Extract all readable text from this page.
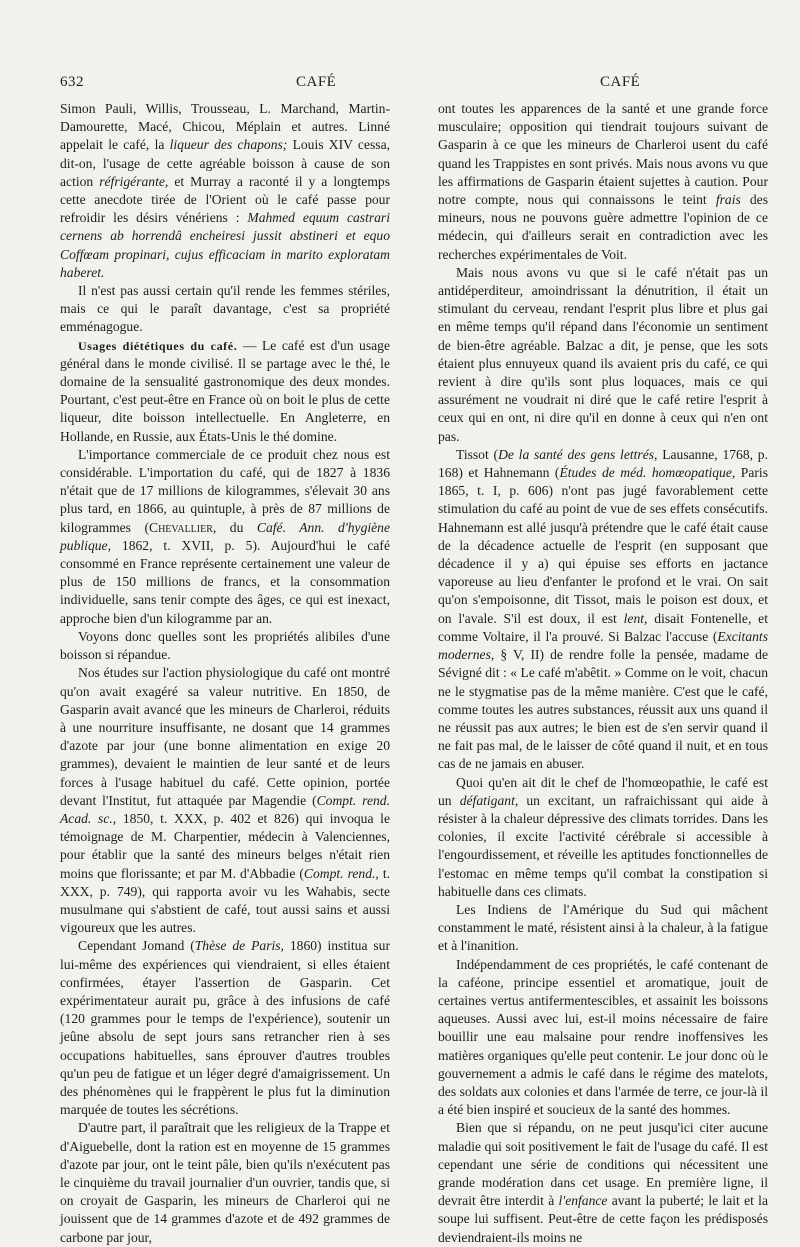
632	CAFÉ	CAFÉ

Simon Pauli, Willis, Trousseau, L. Marchand, Martin-Damourette, Macé, Chicou, Méplain et autres. Linné appelait le café, la liqueur des chapons; Louis XIV cessa, dit-on, l'usage de cette agréable boisson à cause de son action réfrigérante, et Murray a raconté il y a longtemps cette anecdote tirée de l'Orient où le café passe pour refroidir les désirs vénériens : Mahmed equum castrari cernens ab horrendâ encheiresi jussit abstineri et equo Coffœam propinari, cujus efficaciam in marito exploratam haberet.

Il n'est pas aussi certain qu'il rende les femmes stériles, mais ce qui le paraît davantage, c'est sa propriété emménagogue.

Usages diététiques du café. — Le café est d'un usage général dans le monde civilisé. Il se partage avec le thé, le domaine de la sensualité gastronomique des deux mondes. Pourtant, c'est peut-être en France où on boit le plus de cette liqueur, dite boisson intellectuelle. En Angleterre, en Hollande, en Russie, aux États-Unis le thé domine.

L'importance commerciale de ce produit chez nous est considérable. L'importation du café, qui de 1827 à 1836 n'était que de 17 millions de kilogrammes, s'élevait 30 ans plus tard, en 1866, au quintuple, à près de 87 millions de kilogrammes (Chevallier, du Café. Ann. d'hygiène publique, 1862, t. XVII, p. 5). Aujourd'hui le café consommé en France représente certainement une valeur de plus de 150 millions de francs, et la consommation individuelle, sans tenir compte des âges, ce qui est inexact, approche bien d'un kilogramme par an.

Voyons donc quelles sont les propriétés alibiles d'une boisson si répandue.

Nos études sur l'action physiologique du café ont montré qu'on avait exagéré sa valeur nutritive. En 1850, de Gasparin avait avancé que les mineurs de Charleroi, réduits à une nourriture insuffisante, ne dosant que 14 grammes d'azote par jour (une bonne alimentation en exige 20 grammes), devaient le maintien de leur santé et de leurs forces à l'usage habituel du café. Cette opinion, portée devant l'Institut, fut attaquée par Magendie (Compt. rend. Acad. sc., 1850, t. XXX, p. 402 et 826) qui invoqua le témoignage de M. Charpentier, médecin à Valenciennes, pour établir que la santé des mineurs belges n'était rien moins que florissante; et par M. d'Abbadie (Compt. rend., t. XXX, p. 749), qui rapporta avoir vu les Wahabis, secte musulmane qui s'abstient de café, tout aussi sains et aussi vigoureux que les autres.

Cependant Jomand (Thèse de Paris, 1860) institua sur lui-même des expériences qui viendraient, si elles étaient confirmées, étayer l'assertion de Gasparin. Cet expérimentateur aurait pu, grâce à des infusions de café (120 grammes pour le temps de l'expérience), soutenir un jeûne absolu de sept jours sans retrancher rien à ses occupations habituelles, sans éprouver d'autres troubles qu'un peu de fatigue et un léger degré d'amaigrissement. Un des phénomènes qui le frappèrent le plus fut la diminution marquée de toutes les sécrétions.

D'autre part, il paraîtrait que les religieux de la Trappe et d'Aiguebelle, dont la ration est en moyenne de 15 grammes d'azote par jour, ont le teint pâle, bien qu'ils n'exécutent pas le cinquième du travail journalier d'un ouvrier, tandis que, si on croyait de Gasparin, les mineurs de Charleroi qui ne jouissent que de 14 grammes d'azote et de 492 grammes de carbone par jour,

ont toutes les apparences de la santé et une grande force musculaire; opposition qui tiendrait toujours suivant de Gasparin à ce que les mineurs de Charleroi usent du café quand les Trappistes en sont privés. Mais nous avons vu que les affirmations de Gasparin étaient sujettes à caution. Pour notre compte, nous qui connaissons le teint frais des mineurs, nous ne pouvons guère admettre l'opinion de ce médecin, qui d'ailleurs serait en contradiction avec les recherches expérimentales de Voit.

Mais nous avons vu que si le café n'était pas un antidéperditeur, amoindrissant la dénutrition, il était un stimulant du cerveau, rendant l'esprit plus libre et plus gai en même temps qu'il répand dans l'économie un sentiment de bien-être agréable. Balzac a dit, je pense, que les sots étaient plus ennuyeux quand ils avaient pris du café, ce qui revient à dire qu'ils sont plus loquaces, mais ce qui assurément ne voudrait ni diré que le café retire l'esprit à ceux qui en ont, ni dire qu'il en donne à ceux qui n'en ont pas.

Tissot (De la santé des gens lettrés, Lausanne, 1768, p. 168) et Hahnemann (Études de méd. homœopatique, Paris 1865, t. I, p. 606) n'ont pas jugé favorablement cette stimulation du café au point de vue de ses effets consécutifs. Hahnemann est allé jusqu'à prétendre que le café était cause de la décadence actuelle de l'esprit (en supposant que décadence il y a) qui épuise ses efforts en jactance vaporeuse au lieu d'enfanter le profond et le vrai. On sait qu'on s'empoisonne, dit Tissot, mais le poison est doux, et on l'avale. S'il est doux, il est lent, disait Fontenelle, et comme Voltaire, il l'a prouvé. Si Balzac l'accuse (Excitants modernes, § V, II) de rendre folle la pensée, madame de Sévigné dit : « Le café m'abêtit. » Comme on le voit, chacun ne le stygmatise pas de la même manière. C'est que le café, comme toutes les autres substances, réussit aux uns quand il ne réussit pas aux autres; le bien est de s'en servir quand il ne fait pas mal, de le laisser de côté quand il nuit, et en tous cas de ne jamais en abuser.

Quoi qu'en ait dit le chef de l'homœopathie, le café est un défatigant, un excitant, un rafraichissant qui aide à résister à la chaleur dépressive des climats torrides. Dans les colonies, il excite l'activité cérébrale si accessible à l'engourdissement, et réveille les aptitudes fonctionnelles de l'estomac en même temps qu'il combat la constipation si habituelle dans ces climats.

Les Indiens de l'Amérique du Sud qui mâchent constamment le maté, résistent ainsi à la chaleur, à la fatigue et à l'inanition.

Indépendamment de ces propriétés, le café contenant de la caféone, principe essentiel et aromatique, jouit de certaines vertus antifermentescibles, et assainit les boissons aqueuses. Aussi avec lui, est-il moins nécessaire de faire bouillir une eau malsaine pour rendre inoffensives les matières organiques qu'elle peut contenir. Le jour donc où le gouvernement a admis le café dans le régime des matelots, des soldats aux colonies et dans l'armée de terre, ce jour-là il a été bien inspiré et soucieux de la santé des hommes.

Bien que si répandu, on ne peut jusqu'ici citer aucune maladie qui soit positivement le fait de l'usage du café. Il est cependant une série de conditions qui nécessitent une grande modération dans cet usage. En première ligne, il devrait être interdit à l'enfance avant la puberté; le lait et la soupe lui suffisent. Peut-être de cette façon les prédisposés deviendraient-ils moins ne
